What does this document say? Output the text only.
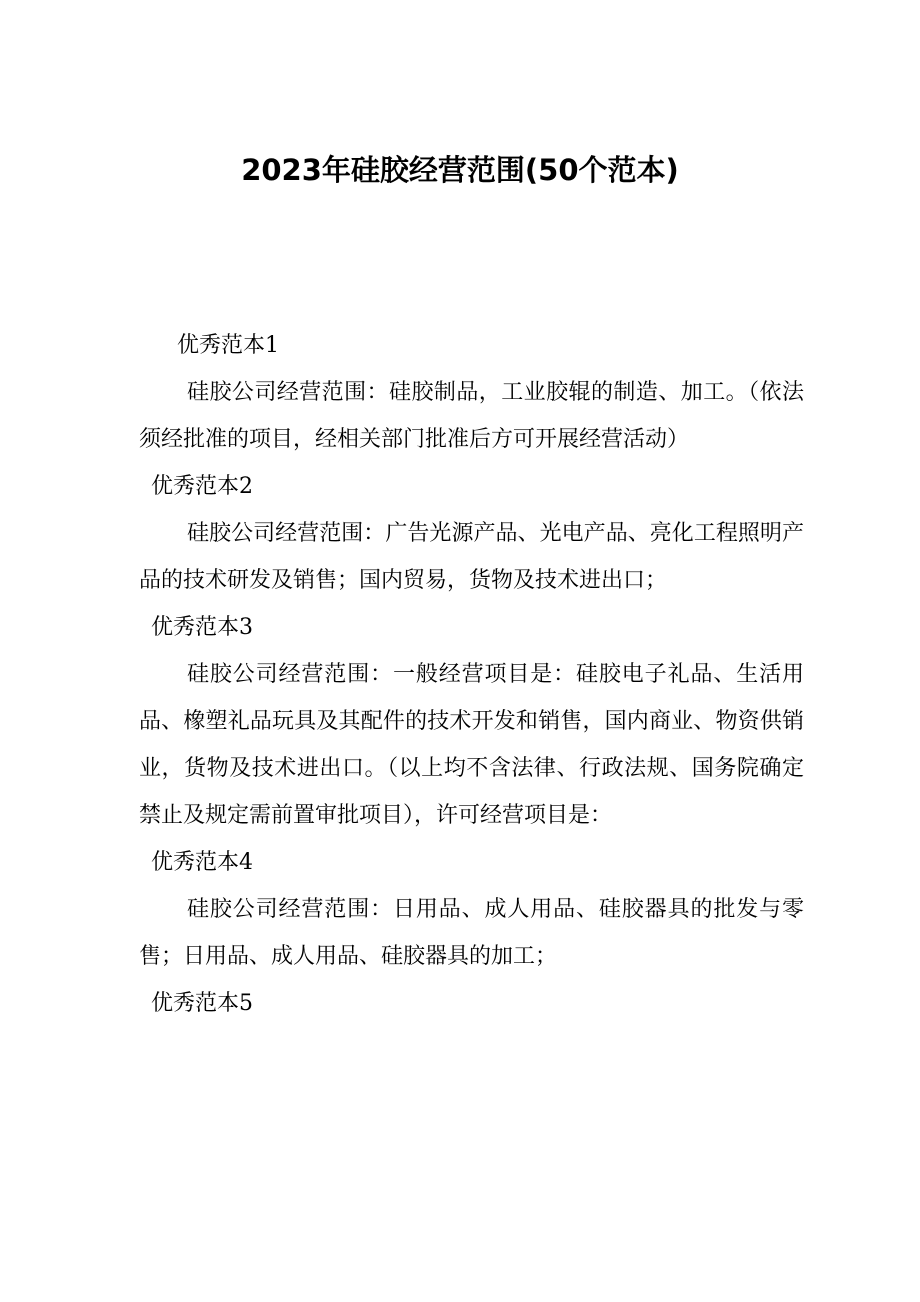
2023年硅胶经营范围(50个范本)
优秀范本1
硅胶公司经营范围：硅胶制品，工业胶辊的制造、加工。（依法须经批准的项目，经相关部门批准后方可开展经营活动）
优秀范本2
硅胶公司经营范围：广告光源产品、光电产品、亮化工程照明产品的技术研发及销售；国内贸易，货物及技术进出口；
优秀范本3
硅胶公司经营范围：一般经营项目是：硅胶电子礼品、生活用品、橡塑礼品玩具及其配件的技术开发和销售，国内商业、物资供销业，货物及技术进出口。（以上均不含法律、行政法规、国务院确定禁止及规定需前置审批项目），许可经营项目是：
优秀范本4
硅胶公司经营范围：日用品、成人用品、硅胶器具的批发与零售；日用品、成人用品、硅胶器具的加工；
优秀范本5
